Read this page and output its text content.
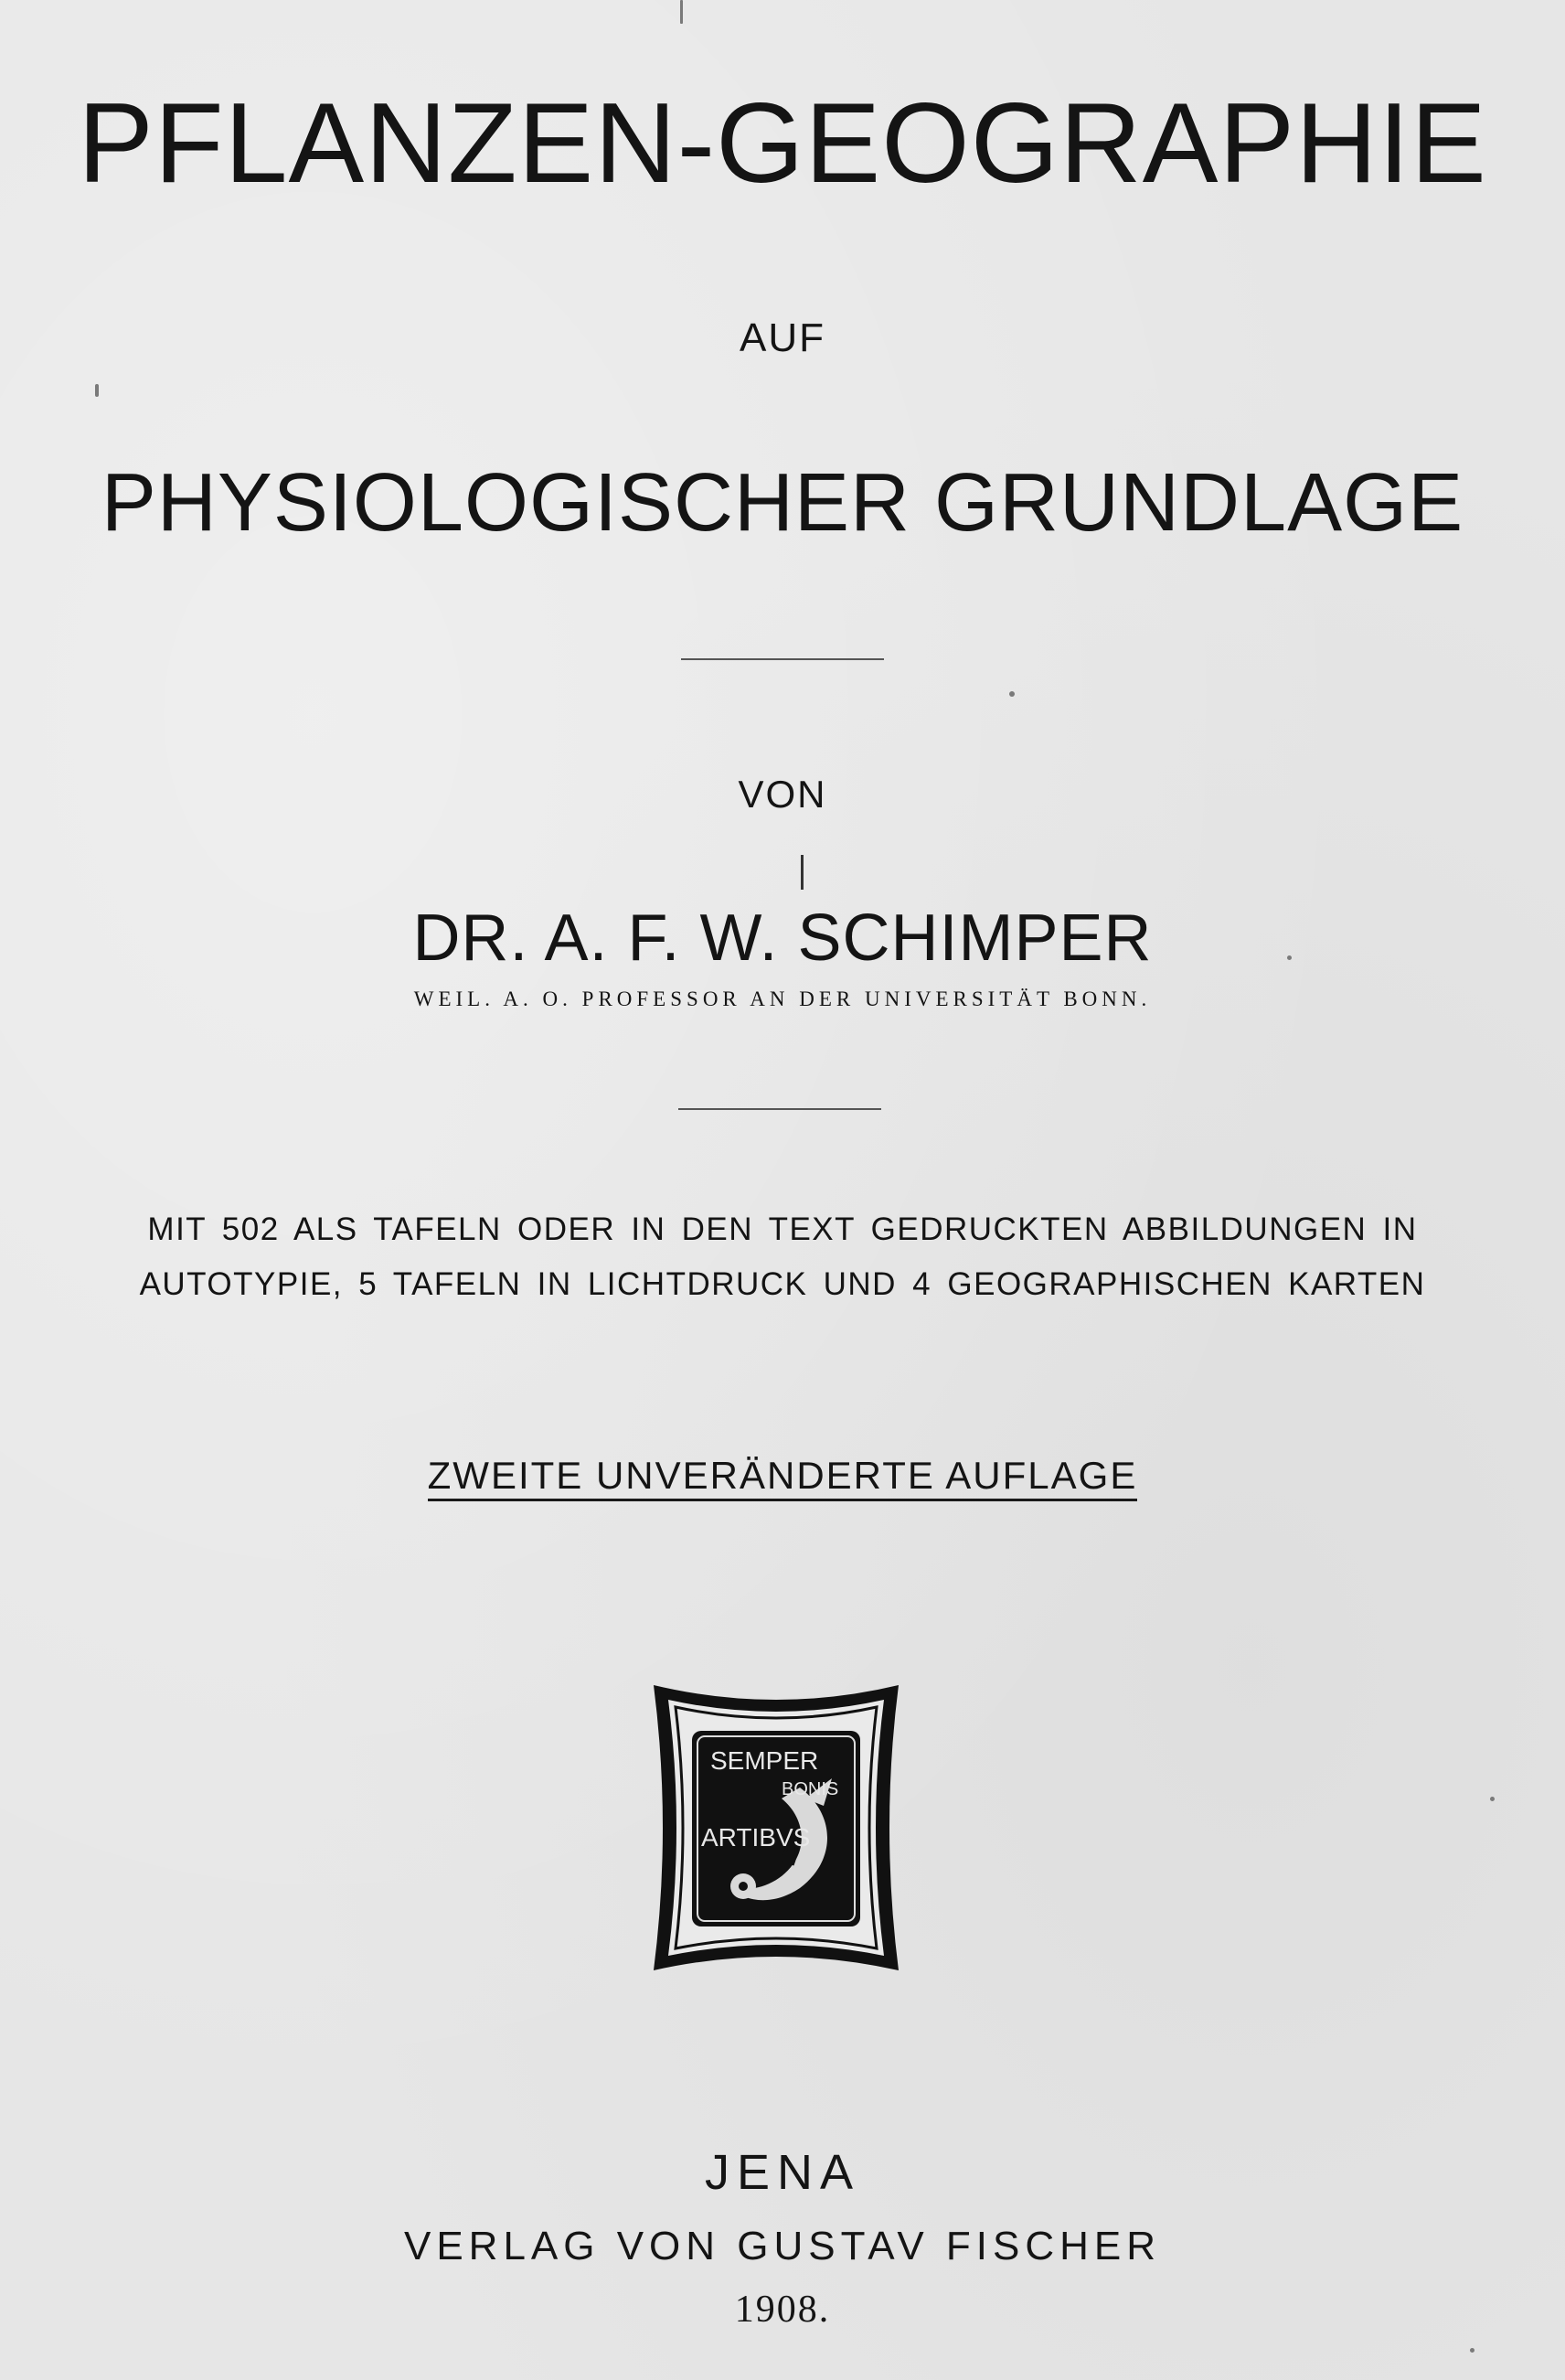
PFLANZEN-GEOGRAPHIE
AUF
PHYSIOLOGISCHER GRUNDLAGE
VON
DR. A. F. W. SCHIMPER
WEIL. A. O. PROFESSOR AN DER UNIVERSITÄT BONN.
MIT 502 ALS TAFELN ODER IN DEN TEXT GEDRUCKTEN ABBILDUNGEN IN
AUTOTYPIE, 5 TAFELN IN LICHTDRUCK UND 4 GEOGRAPHISCHEN KARTEN
ZWEITE UNVERÄNDERTE AUFLAGE
SEMPER
BONIS
ARTIBVS
JENA
VERLAG VON GUSTAV FISCHER
1908.
